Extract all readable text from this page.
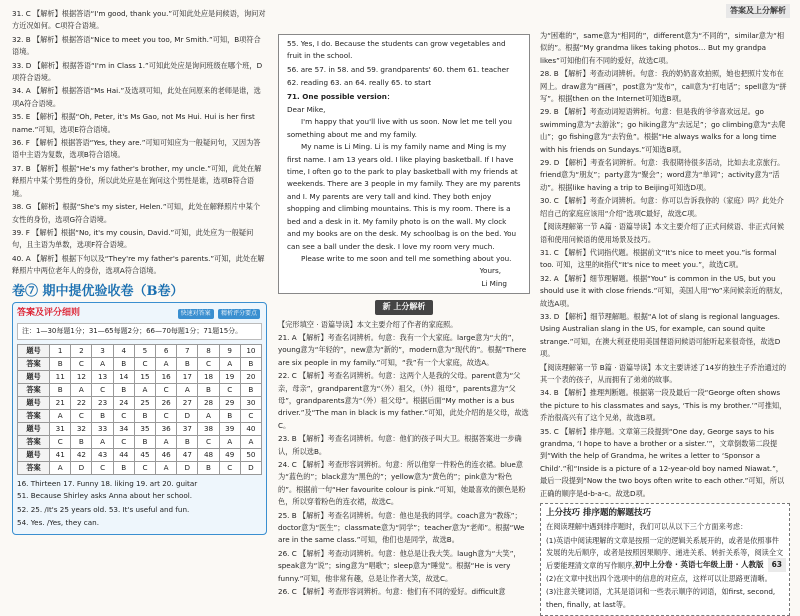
答案及上分解析
31. C 【解析】根据答语“I'm good, thank you.”可知此处应是问候语，询问对方近况如何。C项符合语境。
32. B 【解析】根据答语“Nice to meet you too, Mr Smith.”可知，B项符合语境。
33. D 【解析】根据答语“I'm in Class 1.”可知此处应是询问班级在哪个班，D项符合语境。
34. A 【解析】根据答语“Ms Hai.”及选项可知，此处在问原来的老师是谁，选项A符合语境。
35. E 【解析】根据“Oh, Peter, it's Ms Gao, not Ms Hui. Hui is her first name.”可知，选项E符合语境。
36. F 【解析】根据答语“Yes, they are.”可知可知应为一般疑问句，又因为答语中主语为复数，选项B符合语境。
37. B 【解析】根据“He's my father's brother, my uncle.”可知，此处在解释照片中某个男性的身份，所以此处应是在询问这个男性是谁，选项B符合语境。
38. G 【解析】根据“She's my sister, Helen.”可知，此处在解释照片中某个女性的身份，选项G符合语境。
39. F 【解析】根据“No, it's my cousin, David.”可知，此处应为一般疑问句，且主语为单数，选项F符合语境。
40. A 【解析】根据下句以及“They're my father's parents.”可知，此处在解释照片中两位老年人的身份，选项A符合语境。
卷⑦ 期中提优验收卷（B卷）
答案及评分细则	快速对答案 精析评分要点
注：1—30每题1分；31—65每题2分；66—70每题1分；71题15分。
题号	1	2	3	4	5	6	7	8	9	10
答案	B	C	A	B	C	A	B	C	A	B
题号	11	12	13	14	15	16	17	18	19	20
答案	B	A	C	B	A	C	A	B	C	B
题号	21	22	23	24	25	26	27	28	29	30
答案	A	C	B	C	B	C	D	A	B	C
题号	31	32	33	34	35	36	37	38	39	40
答案	C	B	A	C	B	A	B	C	A	A
题号	41	42	43	44	45	46	47	48	49	50
答案	A	D	C	B	C	A	D	B	C	D
16. Thirteen 17. Funny 18. liking 19. art 20. guitar
51. Because Shirley asks Anna about her school.
52. 25. /It's 25 years old. 53. It's useful and fun.
54. Yes. /Yes, they can.
55. Yes, I do. Because the students can grow vegetables and fruit in the school.
56. are 57. in 58. and 59. grandparents' 60. them 61. teacher
62. reading 63. an 64. really 65. to start
71. One possible version：
Dear Mike,

I'm happy that you'll live with us soon. Now let me tell you something about me and my family.

My name is Li Ming. Li is my family name and Ming is my first name. I am 13 years old. I like playing basketball. If I have time, I often go to the park to play basketball with my friends at weekends. There are 3 people in my family. They are my parents and I. My parents are very tall and kind. They both enjoy shopping and climbing mountains. This is my room. There is a bed and a desk in it. My family photo is on the wall. My clock and my books are on the desk. My schoolbag is on the bed. You can see a ball under the desk. I love my room very much.

Please write to me soon and tell me something about you.

Yours,
Li Ming
新 上分解析
【完形填空 · 语篇导读】本文主要介绍了作者的家庭照。
21. A 【解析】考查名词辨析。句意：我有一个大家庭。large意为“大的”，young意为“年轻的”，new意为“新的”，modern意为“现代的”。根据“There are six people in my family.”可知，“我”有一个大家庭，故选A。
22. C 【解析】考查名词辨析。句意：这两个人是我的父母。parent意为“父亲，母亲”，grandparent意为“（外）祖父，（外）祖母”，parents意为“父母”，grandparents意为“（外）祖父母”。根据后面“My mother is a bus driver.”及“The man in black is my father.”可知，此处介绍的是父母，故选C。
23. B 【解析】考查名词辨析。句意：他们的孩子叫大卫。根据答案进一步确认，所以选B。
24. C 【解析】考查形容词辨析。句意：所以他穿一件粉色的连衣裙。blue意为“蓝色的”；black意为“黑色的”；yellow意为“黄色的”；pink意为“粉色的”。根据前一句“Her favourite colour is pink.”可知，她最喜欢的颜色是粉色，所以穿着粉色的连衣裙，故选C。
25. B 【解析】考查名词辨析。句意：他也是我的同学。coach意为“教练”；doctor意为“医生”；classmate意为“同学”；teacher意为“老师”。根据“We are in the same class.”可知，他们也是同学，故选B。
26. C 【解析】考查动词辨析。句意：他总是让我大笑。laugh意为“大笑”，speak意为“说”；sing意为“唱歌”；sleep意为“睡觉”。根据“He is very funny.”可知，他非常有趣，总是让作者大笑，故选C。
26. C 【解析】考查形容词辨析。句意：他们有不同的爱好。difficult意
为“困难的”，same意为“相同的”，different意为“不同的”，similar意为“相似的”。根据“My grandma likes taking photos… But my grandpa likes”可知他们有不同的爱好，故选C项。
28. B 【解析】考查动词辨析。句意：我的奶奶喜欢拍照，她也把照片发布在网上。draw意为“画画”，post意为“发布”，call意为“打电话”；spell意为“拼写”。根据then on the Internet可知选B项。
29. B 【解析】考查动词短语辨析。句意：但是我的爷爷喜欢远足。go swimming意为“去游泳”；go hiking意为“去远足”；go climbing意为“去爬山”；go fishing意为“去钓鱼”。根据“He always walks for a long time with his friends on Sundays.”可知选B项。
29. D 【解析】考查名词辨析。句意：我很期待很多活动，比如去北京旅行。friend意为“朋友”；party意为“聚会”；word意为“单词”；activity意为“活动”。根据like having a trip to Beijing可知选D项。
30. C 【解析】考查介词辨析。句意：你可以告诉我你的（家庭）吗？此处介绍自己的家庭应该用“介绍”选项C最好，故选C项。
【阅读理解第一节 A篇 · 语篇导读】本文主要介绍了正式问候语、非正式问候语和使用问候语的使用场景及技巧。
31. C 【解析】代词指代题。根据前文“It's nice to meet you.”is formal too. 可知，这里的it指代“It's nice to meet you.”，故选C项。
32. A 【解析】细节理解题。根据“You” is common in the US, but you should use it with close friends.”可知，美国人用“Yo”来问候亲近的朋友，故选A项。
33. D 【解析】细节理解题。根据“A lot of slang is regional languages. Using Australian slang in the US, for example, can sound quite strange.”可知，在澳大利亚使用美国俚语问候语可能听起来很奇怪，故选D项。
【阅读理解第一节 B篇 · 语篇导读】本文主要讲述了14岁的独生子乔治通过的其一个表的孩子，从而拥有了弟弟的故事。
34. B 【解析】推理判断题。根据第一段及最后一段“George often shows the picture to his classmates and says, ‘This is my brother.’”可推知，乔治很高兴有了这个兄弟，故选B项。
35. C 【解析】排序题。文章第三段提到“One day, George says to his grandma, ‘I hope to have a brother or a sister.’”，文章倒数第二段提到“With the help of Grandma, he writes a letter to ‘Sponsor a Child’.”和“Inside is a picture of a 12-year-old boy named Niawat.”，最后一段提到“Now the two boys often write to each other.”可知，所以正确的顺序是d-b-a-c。故选D项。
上分技巧 排序题的解题技巧
在阅读理解中遇到排序题时，我们可以从以下三个方面来考虑：
(1)英语中阅读理解的文章是按照一定的逻辑关系展开的，或者是依照事件发展的先后顺序，或者是按照因果顺序、递进关系、转折关系等，阅读全文后要能理清文章的写作顺序。
(2)在文章中找出四个选项中的信息的对应点，这样可以让思路更清晰。
(3)注意关键词语，尤其是语词和一些表示顺序的词语，如first, second, then, finally, at last等。
初中上分卷 · 英语七年级上册 · 人教版 63
